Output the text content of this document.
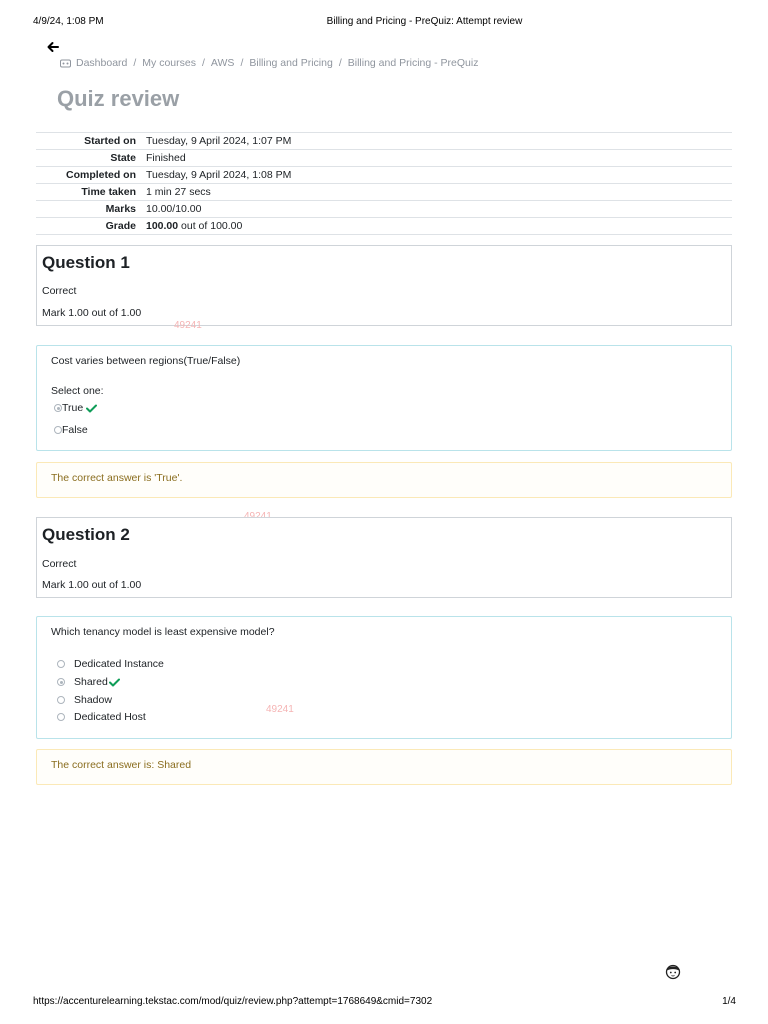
4/9/24, 1:08 PM	Billing and Pricing - PreQuiz: Attempt review
Dashboard / My courses / AWS / Billing and Pricing / Billing and Pricing - PreQuiz
Quiz review
Started on	Tuesday, 9 April 2024, 1:07 PM
State	Finished
Completed on	Tuesday, 9 April 2024, 1:08 PM
Time taken	1 min 27 secs
Marks	10.00/10.00
Grade	100.00 out of 100.00
Question 1
Correct
Mark 1.00 out of 1.00
49241
Cost varies between regions(True/False)
Select one:
True
False
The correct answer is 'True'.
Question 2
Correct
Mark 1.00 out of 1.00
Which tenancy model is least expensive model?
Dedicated Instance
Shared
Shadow
Dedicated Host
49241
The correct answer is: Shared
https://accenturelearning.tekstac.com/mod/quiz/review.php?attempt=1768649&cmid=7302	1/4
